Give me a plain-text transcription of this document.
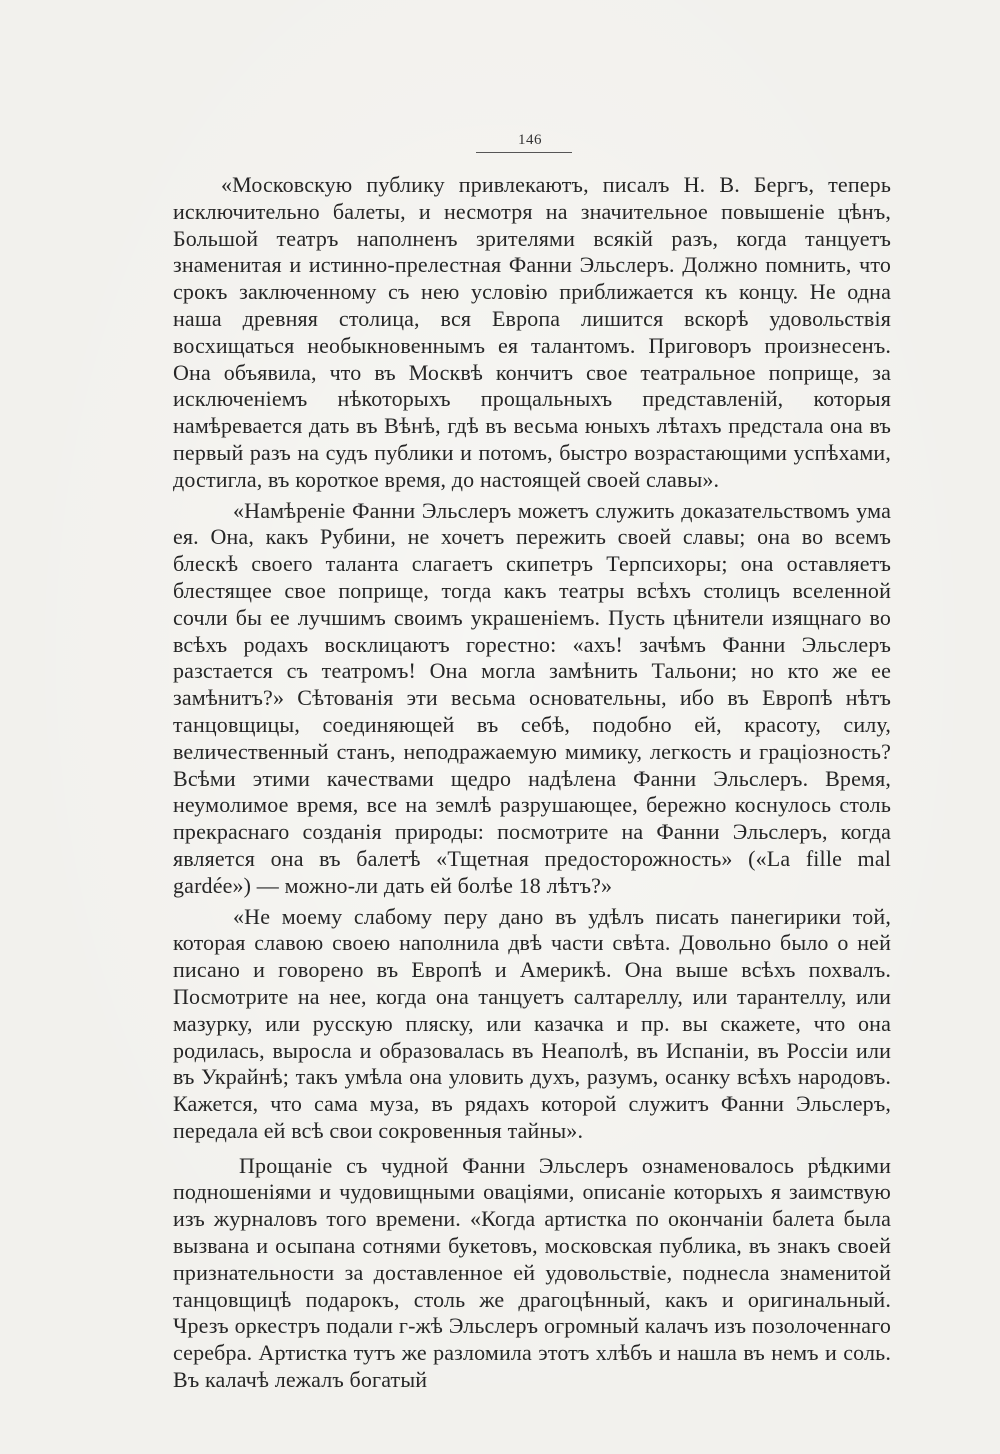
146

«Московскую публику привлекаютъ, писалъ Н. В. Бергъ, теперь исключительно балеты, и несмотря на значительное повышеніе цѣнъ, Большой театръ наполненъ зрителями всякій разъ, когда танцуетъ знаменитая и истинно-прелестная Фанни Эльслеръ. Должно помнить, что срокъ заключенному съ нею условію приближается къ концу. Не одна наша древняя столица, вся Европа лишится вскорѣ удовольствія восхищаться необыкновеннымъ ея талантомъ. Приговоръ произнесенъ. Она объявила, что въ Москвѣ кончитъ свое театральное поприще, за исключеніемъ нѣкоторыхъ прощальныхъ представленій, которыя намѣревается дать въ Вѣнѣ, гдѣ въ весьма юныхъ лѣтахъ предстала она въ первый разъ на судъ публики и потомъ, быстро возрастающими успѣхами, достигла, въ короткое время, до настоящей своей славы».

«Намѣреніе Фанни Эльслеръ можетъ служить доказательствомъ ума ея. Она, какъ Рубини, не хочетъ пережить своей славы; она во всемъ блескѣ своего таланта слагаетъ скипетръ Терпсихоры; она оставляетъ блестящее свое поприще, тогда какъ театры всѣхъ столицъ вселенной сочли бы ее лучшимъ своимъ украшеніемъ. Пусть цѣнители изящнаго во всѣхъ родахъ восклицаютъ горестно: «ахъ! зачѣмъ Фанни Эльслеръ разстается съ театромъ! Она могла замѣнить Тальони; но кто же ее замѣнитъ?» Сѣтованія эти весьма основательны, ибо въ Европѣ нѣтъ танцовщицы, соединяющей въ себѣ, подобно ей, красоту, силу, величественный станъ, неподражаемую мимику, легкость и граціозность? Всѣми этими качествами щедро надѣлена Фанни Эльслеръ. Время, неумолимое время, все на землѣ разрушающее, бережно коснулось столь прекраснаго созданія природы: посмотрите на Фанни Эльслеръ, когда является она въ балетѣ «Тщетная предосторожность» («La fille mal gardée») — можно-ли дать ей болѣе 18 лѣтъ?»

«Не моему слабому перу дано въ удѣлъ писать панегирики той, которая славою своею наполнила двѣ части свѣта. Довольно было о ней писано и говорено въ Европѣ и Америкѣ. Она выше всѣхъ похвалъ. Посмотрите на нее, когда она танцуетъ салтареллу, или тарантеллу, или мазурку, или русскую пляску, или казачка и пр. вы скажете, что она родилась, выросла и образовалась въ Неаполѣ, въ Испаніи, въ Россіи или въ Украйнѣ; такъ умѣла она уловить духъ, разумъ, осанку всѣхъ народовъ. Кажется, что сама муза, въ рядахъ которой служитъ Фанни Эльслеръ, передала ей всѣ свои сокровенныя тайны».

Прощаніе съ чудной Фанни Эльслеръ ознаменовалось рѣдкими подношеніями и чудовищными оваціями, описаніе которыхъ я заимствую изъ журналовъ того времени. «Когда артистка по окончаніи балета была вызвана и осыпана сотнями букетовъ, московская публика, въ знакъ своей признательности за доставленное ей удовольствіе, поднесла знаменитой танцовщицѣ подарокъ, столь же драгоцѣнный, какъ и оригинальный. Чрезъ оркестръ подали г-жѣ Эльслеръ огромный калачъ изъ позолоченнаго серебра. Артистка тутъ же разломила этотъ хлѣбъ и нашла въ немъ и соль. Въ калачѣ лежалъ богатый
